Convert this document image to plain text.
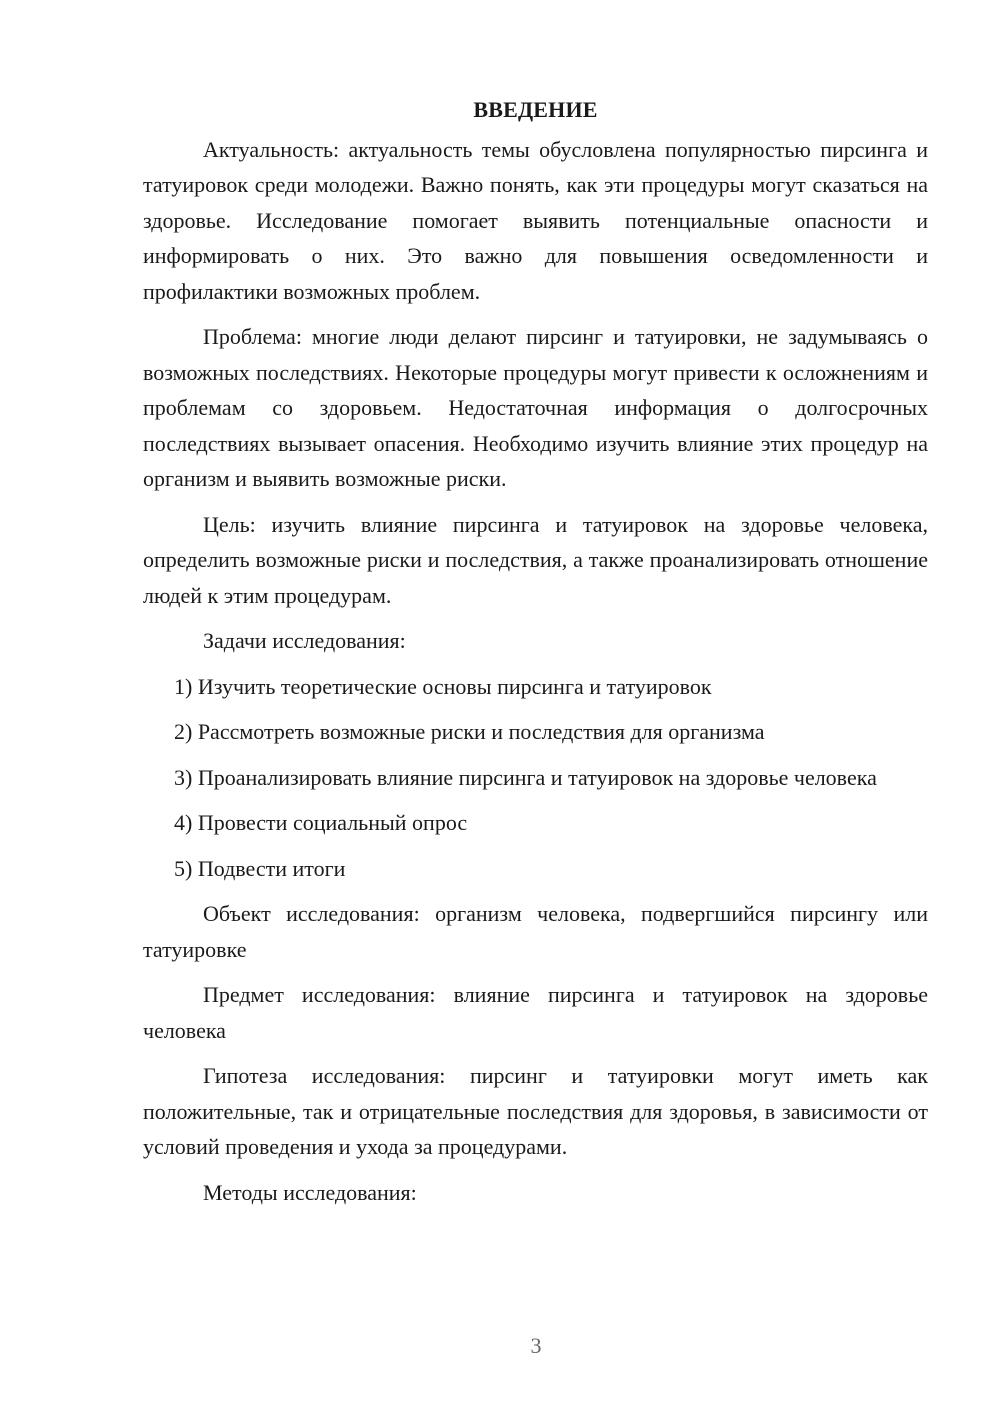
ВВЕДЕНИЕ

Актуальность: актуальность темы обусловлена популярностью пирсинга и татуировок среди молодежи. Важно понять, как эти процедуры могут сказаться на здоровье. Исследование помогает выявить потенциальные опасности и информировать о них. Это важно для повышения осведомленности и профилактики возможных проблем.

Проблема: многие люди делают пирсинг и татуировки, не задумываясь о возможных последствиях. Некоторые процедуры могут привести к осложнениям и проблемам со здоровьем. Недостаточная информация о долгосрочных последствиях вызывает опасения. Необходимо изучить влияние этих процедур на организм и выявить возможные риски.

Цель: изучить влияние пирсинга и татуировок на здоровье человека, определить возможные риски и последствия, а также проанализировать отношение людей к этим процедурам.

Задачи исследования:

1) Изучить теоретические основы пирсинга и татуировок

2) Рассмотреть возможные риски и последствия для организма

3) Проанализировать влияние пирсинга и татуировок на здоровье человека

4) Провести социальный опрос

5) Подвести итоги

Объект исследования: организм человека, подвергшийся пирсингу или татуировке

Предмет исследования: влияние пирсинга и татуировок на здоровье человека

Гипотеза исследования: пирсинг и татуировки могут иметь как положительные, так и отрицательные последствия для здоровья, в зависимости от условий проведения и ухода за процедурами.

Методы исследования:

3
